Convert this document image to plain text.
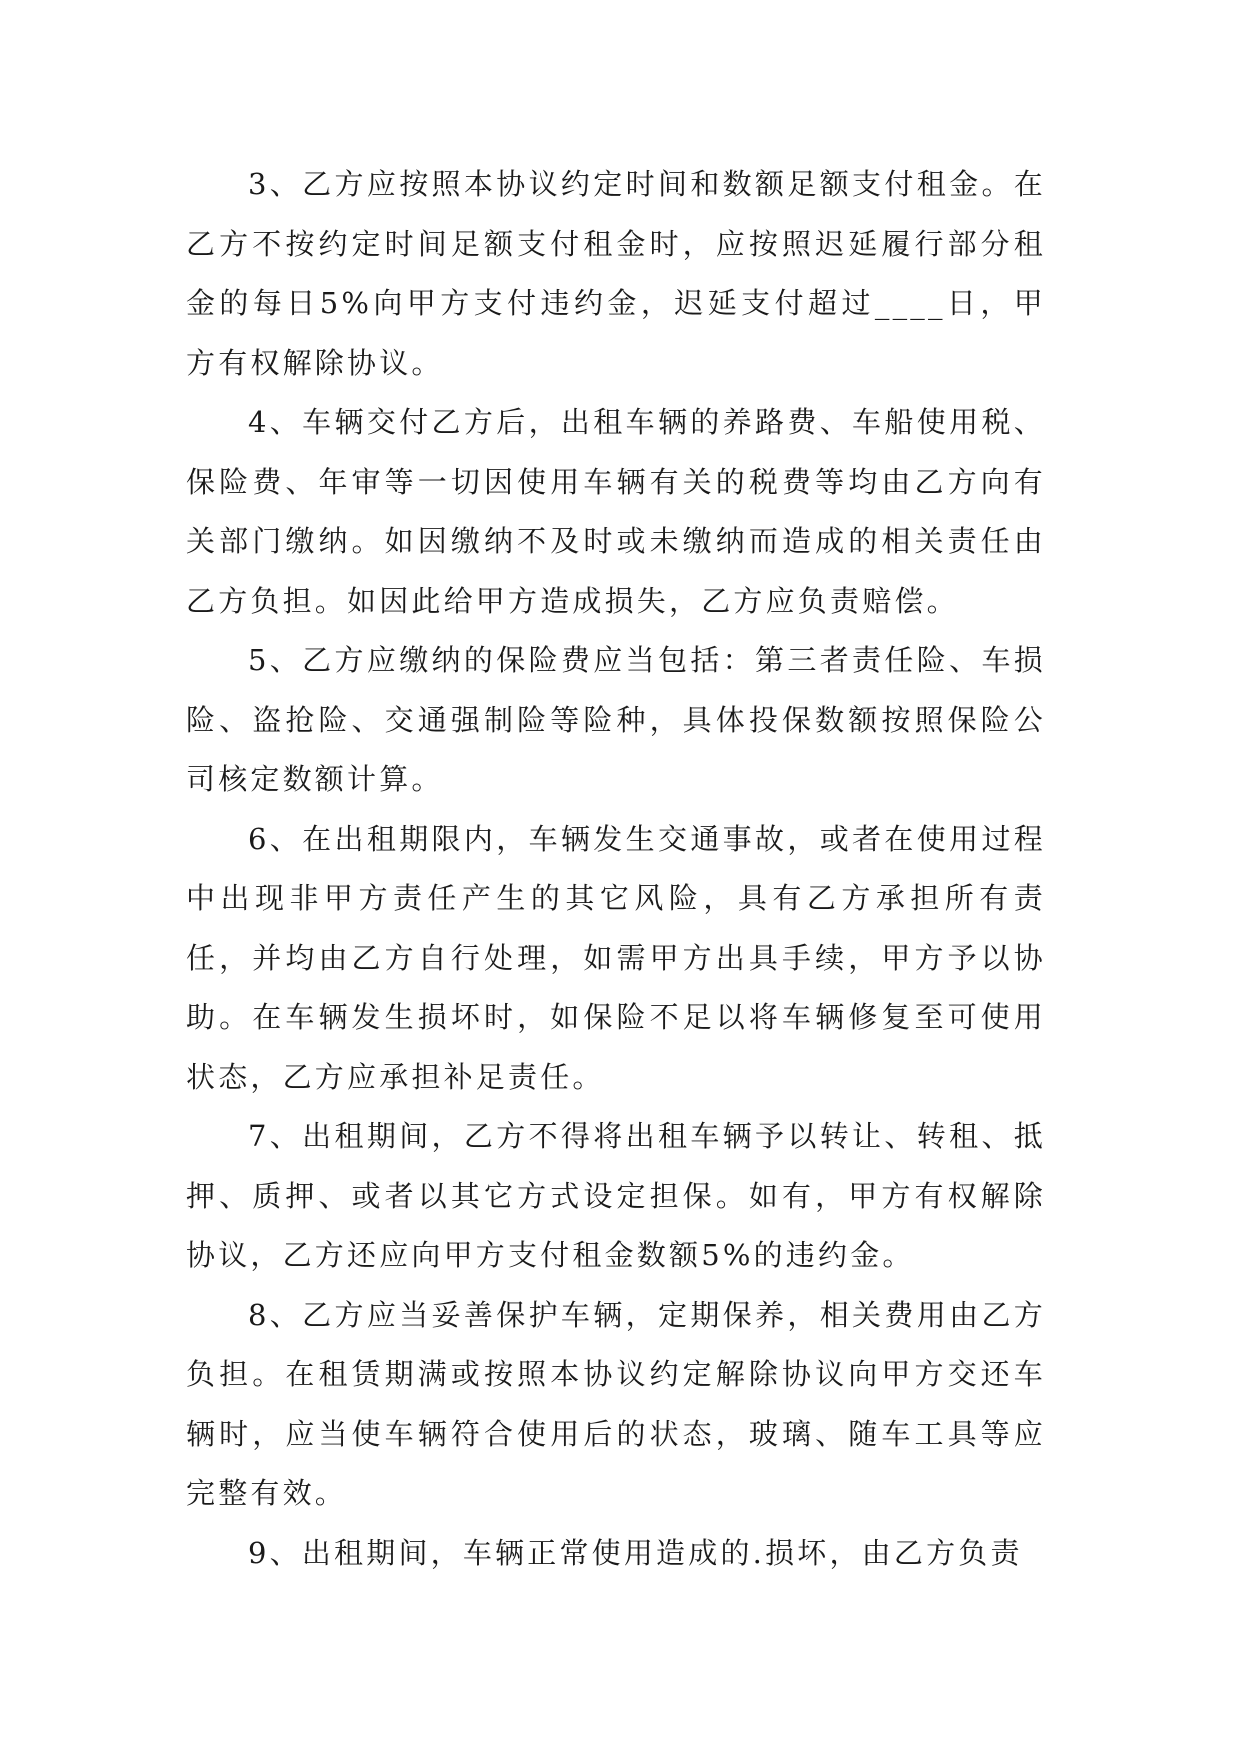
3、乙方应按照本协议约定时间和数额足额支付租金。在乙方不按约定时间足额支付租金时，应按照迟延履行部分租金的每日5%向甲方支付违约金，迟延支付超过____日，甲方有权解除协议。

4、车辆交付乙方后，出租车辆的养路费、车船使用税、保险费、年审等一切因使用车辆有关的税费等均由乙方向有关部门缴纳。如因缴纳不及时或未缴纳而造成的相关责任由乙方负担。如因此给甲方造成损失，乙方应负责赔偿。

5、乙方应缴纳的保险费应当包括：第三者责任险、车损险、盗抢险、交通强制险等险种，具体投保数额按照保险公司核定数额计算。

6、在出租期限内，车辆发生交通事故，或者在使用过程中出现非甲方责任产生的其它风险，具有乙方承担所有责任，并均由乙方自行处理，如需甲方出具手续，甲方予以协助。在车辆发生损坏时，如保险不足以将车辆修复至可使用状态，乙方应承担补足责任。

7、出租期间，乙方不得将出租车辆予以转让、转租、抵押、质押、或者以其它方式设定担保。如有，甲方有权解除协议，乙方还应向甲方支付租金数额5%的违约金。

8、乙方应当妥善保护车辆，定期保养，相关费用由乙方负担。在租赁期满或按照本协议约定解除协议向甲方交还车辆时，应当使车辆符合使用后的状态，玻璃、随车工具等应完整有效。

9、出租期间，车辆正常使用造成的.损坏，由乙方负责
